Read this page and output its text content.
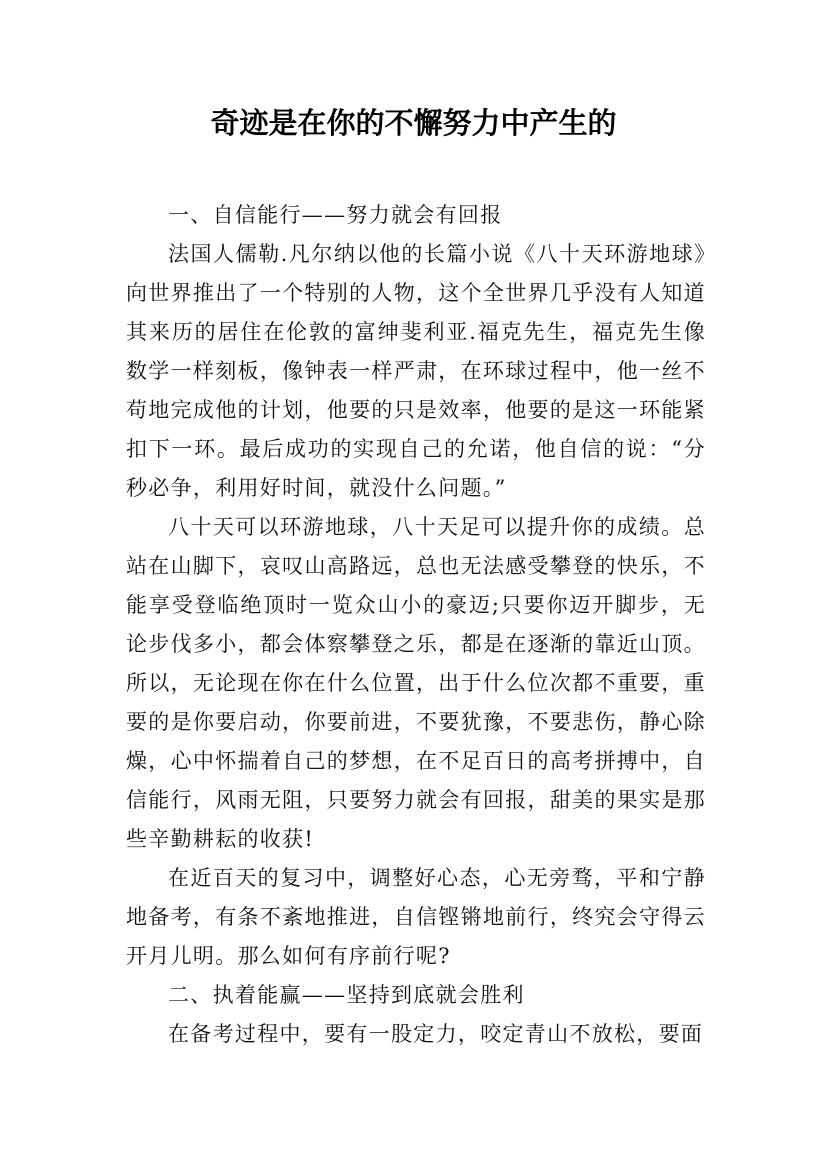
奇迹是在你的不懈努力中产生的

一、自信能行——努力就会有回报

法国人儒勒.凡尔纳以他的长篇小说《八十天环游地球》向世界推出了一个特别的人物，这个全世界几乎没有人知道其来历的居住在伦敦的富绅斐利亚.福克先生，福克先生像数学一样刻板，像钟表一样严肃，在环球过程中，他一丝不苟地完成他的计划，他要的只是效率，他要的是这一环能紧扣下一环。最后成功的实现自己的允诺，他自信的说：“分秒必争，利用好时间，就没什么问题。”

八十天可以环游地球，八十天足可以提升你的成绩。总站在山脚下，哀叹山高路远，总也无法感受攀登的快乐，不能享受登临绝顶时一览众山小的豪迈;只要你迈开脚步，无论步伐多小，都会体察攀登之乐，都是在逐渐的靠近山顶。所以，无论现在你在什么位置，出于什么位次都不重要，重要的是你要启动，你要前进，不要犹豫，不要悲伤，静心除燥，心中怀揣着自己的梦想，在不足百日的高考拼搏中，自信能行，风雨无阻，只要努力就会有回报，甜美的果实是那些辛勤耕耘的收获!

在近百天的复习中，调整好心态，心无旁骛，平和宁静地备考，有条不紊地推进，自信铿锵地前行，终究会守得云开月儿明。那么如何有序前行呢?

二、执着能赢——坚持到底就会胜利

在备考过程中，要有一股定力，咬定青山不放松，要面
